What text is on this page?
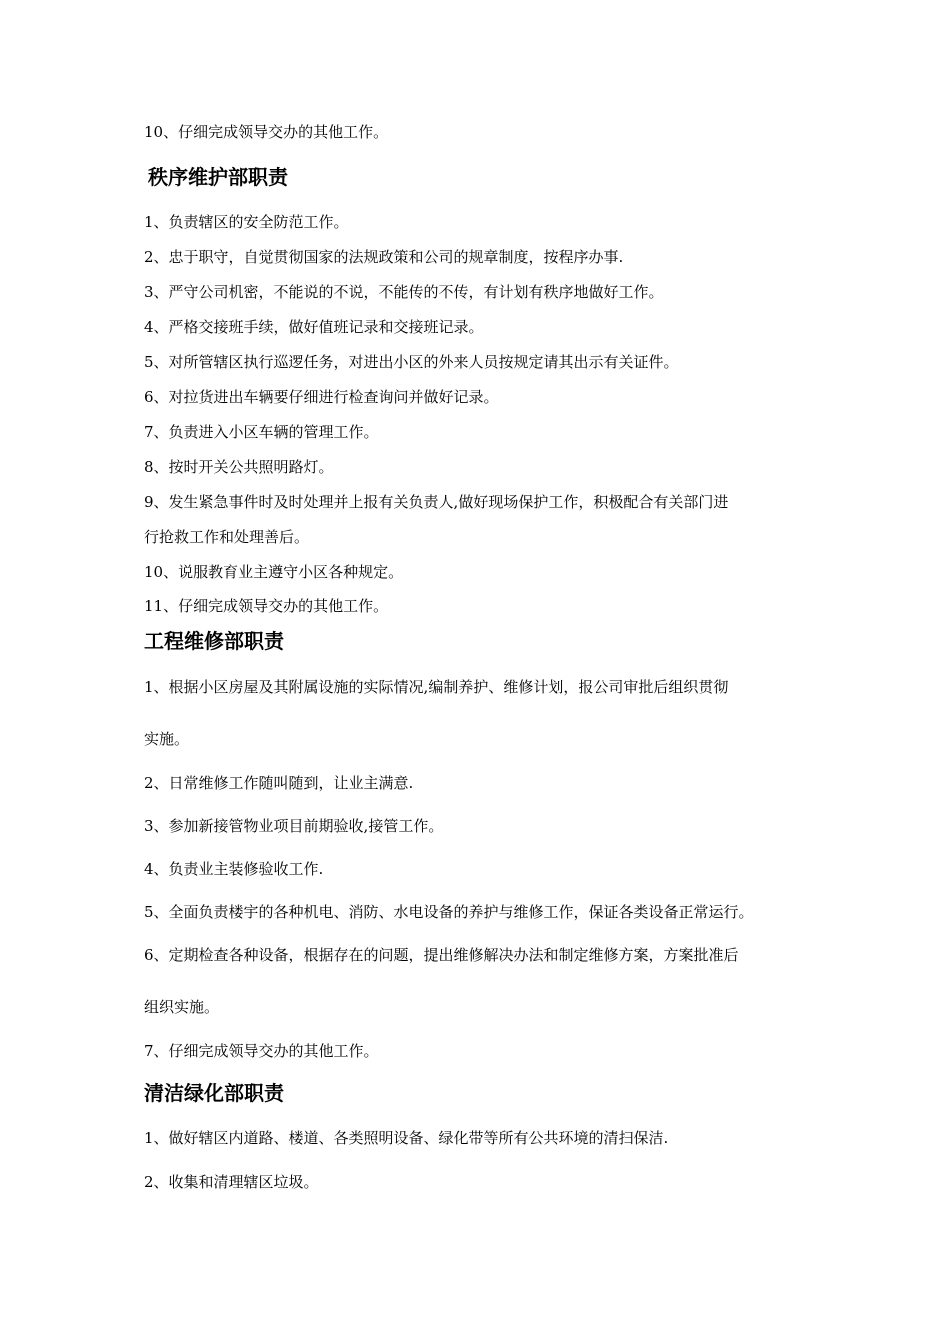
10、仔细完成领导交办的其他工作。
秩序维护部职责
1、负责辖区的安全防范工作。
2、忠于职守，自觉贯彻国家的法规政策和公司的规章制度，按程序办事.
3、严守公司机密，不能说的不说，不能传的不传，有计划有秩序地做好工作。
4、严格交接班手续，做好值班记录和交接班记录。
5、对所管辖区执行巡逻任务，对进出小区的外来人员按规定请其出示有关证件。
6、对拉货进出车辆要仔细进行检查询问并做好记录。
7、负责进入小区车辆的管理工作。
8、按时开关公共照明路灯。
9、发生紧急事件时及时处理并上报有关负责人,做好现场保护工作，积极配合有关部门进
行抢救工作和处理善后。
10、说服教育业主遵守小区各种规定。
11、仔细完成领导交办的其他工作。
工程维修部职责
1、根据小区房屋及其附属设施的实际情况,编制养护、维修计划，报公司审批后组织贯彻
实施。
2、日常维修工作随叫随到，让业主满意.
3、参加新接管物业项目前期验收,接管工作。
4、负责业主装修验收工作.
5、全面负责楼宇的各种机电、消防、水电设备的养护与维修工作，保证各类设备正常运行。
6、定期检查各种设备，根据存在的问题，提出维修解决办法和制定维修方案，方案批准后
组织实施。
7、仔细完成领导交办的其他工作。
清洁绿化部职责
1、做好辖区内道路、楼道、各类照明设备、绿化带等所有公共环境的清扫保洁.
2、收集和清理辖区垃圾。
